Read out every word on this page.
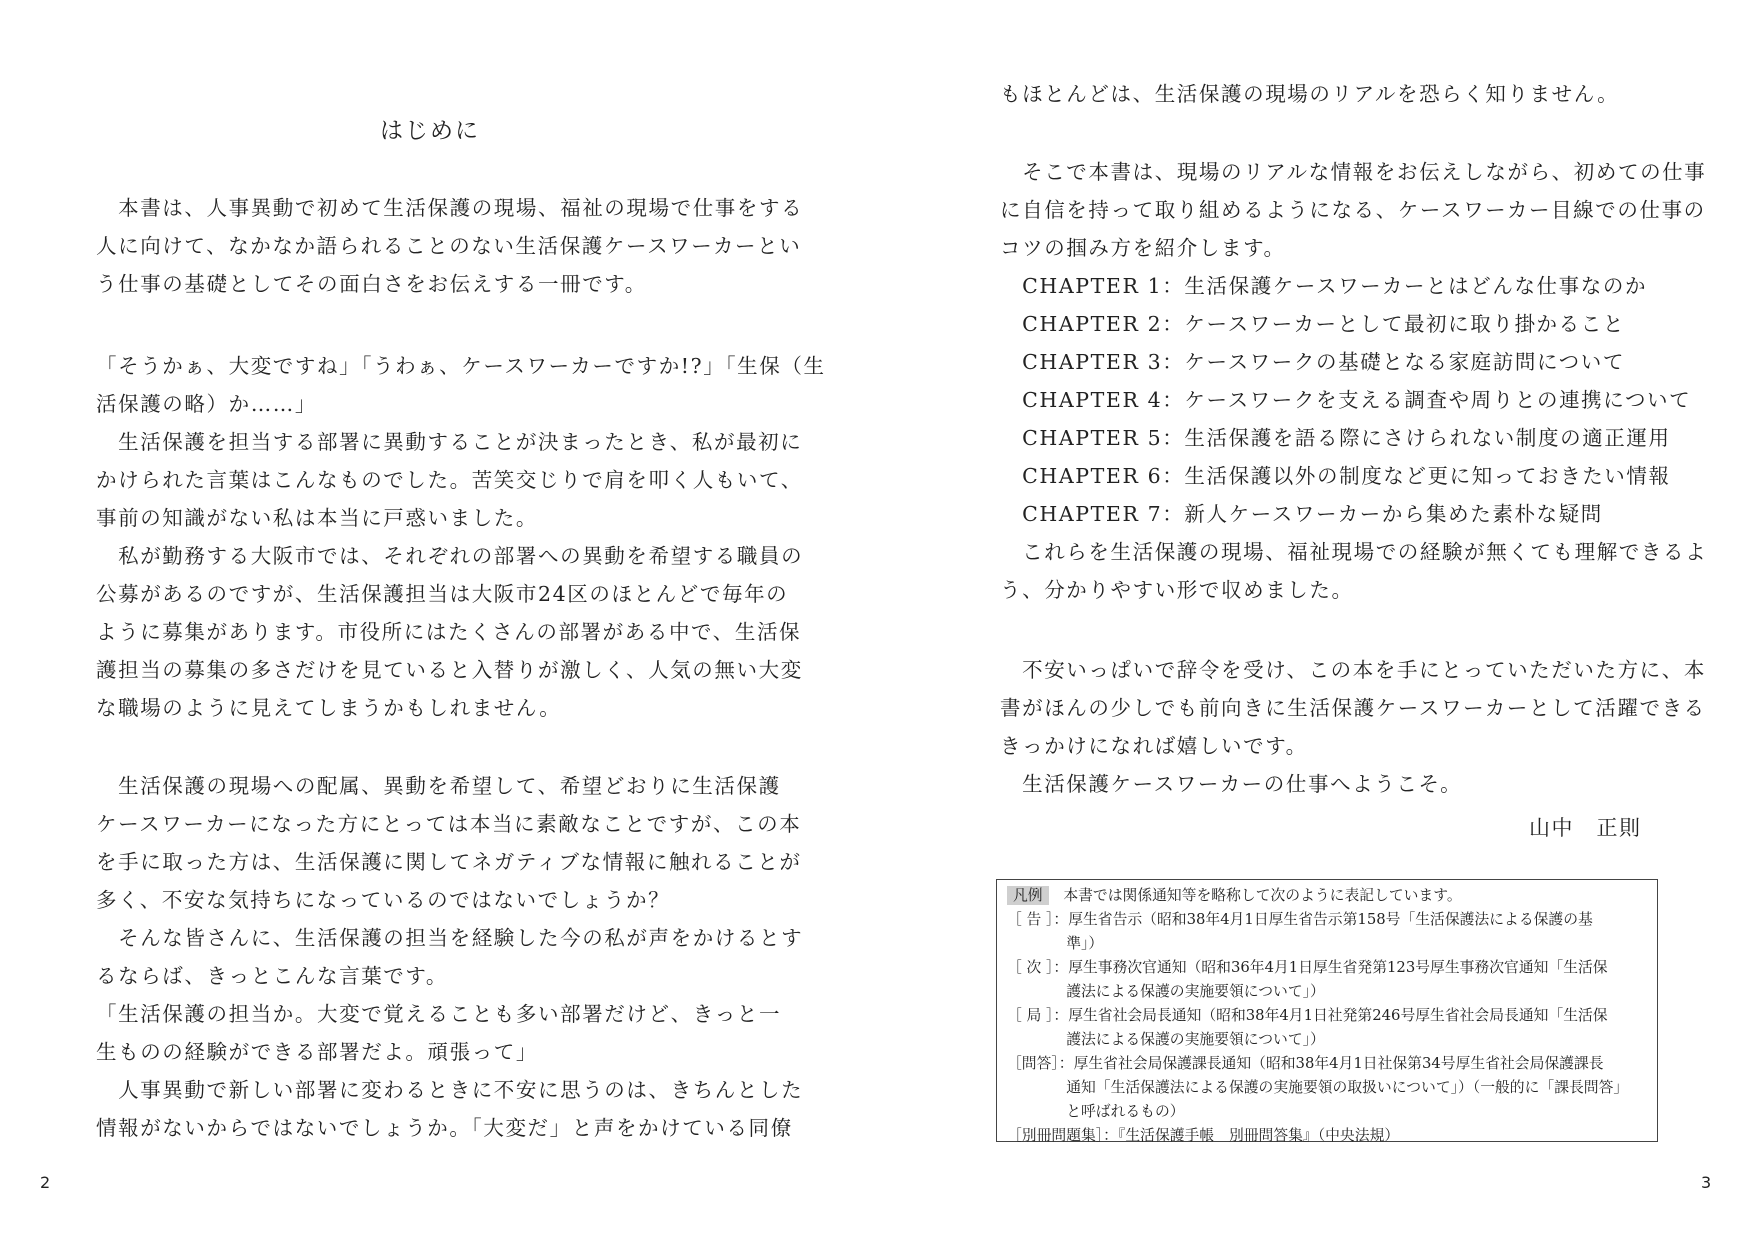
はじめに
　本書は、人事異動で初めて生活保護の現場、福祉の現場で仕事をする
人に向けて、なかなか語られることのない生活保護ケースワーカーとい
う仕事の基礎としてその面白さをお伝えする一冊です。
「そうかぁ、大変ですね」「うわぁ、ケースワーカーですか!?」「生保（生
活保護の略）か……」
　生活保護を担当する部署に異動することが決まったとき、私が最初に
かけられた言葉はこんなものでした。苦笑交じりで肩を叩く人もいて、
事前の知識がない私は本当に戸惑いました。
　私が勤務する大阪市では、それぞれの部署への異動を希望する職員の
公募があるのですが、生活保護担当は大阪市24区のほとんどで毎年の
ように募集があります。市役所にはたくさんの部署がある中で、生活保
護担当の募集の多さだけを見ていると入替りが激しく、人気の無い大変
な職場のように見えてしまうかもしれません。
　生活保護の現場への配属、異動を希望して、希望どおりに生活保護
ケースワーカーになった方にとっては本当に素敵なことですが、この本
を手に取った方は、生活保護に関してネガティブな情報に触れることが
多く、不安な気持ちになっているのではないでしょうか？
　そんな皆さんに、生活保護の担当を経験した今の私が声をかけるとす
るならば、きっとこんな言葉です。
「生活保護の担当か。大変で覚えることも多い部署だけど、きっと一
生ものの経験ができる部署だよ。頑張って」
　人事異動で新しい部署に変わるときに不安に思うのは、きちんとした
情報がないからではないでしょうか。「大変だ」と声をかけている同僚
2
もほとんどは、生活保護の現場のリアルを恐らく知りません。
　そこで本書は、現場のリアルな情報をお伝えしながら、初めての仕事
に自信を持って取り組めるようになる、ケースワーカー目線での仕事の
コツの掴み方を紹介します。
　CHAPTER 1：生活保護ケースワーカーとはどんな仕事なのか
　CHAPTER 2：ケースワーカーとして最初に取り掛かること
　CHAPTER 3：ケースワークの基礎となる家庭訪問について
　CHAPTER 4：ケースワークを支える調査や周りとの連携について
　CHAPTER 5：生活保護を語る際にさけられない制度の適正運用
　CHAPTER 6：生活保護以外の制度など更に知っておきたい情報
　CHAPTER 7：新人ケースワーカーから集めた素朴な疑問
　これらを生活保護の現場、福祉現場での経験が無くても理解できるよ
う、分かりやすい形で収めました。
　不安いっぱいで辞令を受け、この本を手にとっていただいた方に、本
書がほんの少しでも前向きに生活保護ケースワーカーとして活躍できる
きっかけになれば嬉しいです。
　生活保護ケースワーカーの仕事へようこそ。
山中　正則
凡例 本書では関係通知等を略称して次のように表記しています。
［ 告 ］：厚生省告示（昭和38年4月1日厚生省告示第158号「生活保護法による保護の基
　　　　準」）
［ 次 ］：厚生事務次官通知（昭和36年4月1日厚生省発第123号厚生事務次官通知「生活保
　　　　護法による保護の実施要領について」）
［ 局 ］：厚生省社会局長通知（昭和38年4月1日社発第246号厚生省社会局長通知「生活保
　　　　護法による保護の実施要領について」）
［問答］：厚生省社会局保護課長通知（昭和38年4月1日社保第34号厚生省社会局保護課長
　　　　通知「生活保護法による保護の実施要領の取扱いについて」）（一般的に「課長問答」
　　　　と呼ばれるもの）
［別冊問題集］：『生活保護手帳　別冊問答集』（中央法規）
3
